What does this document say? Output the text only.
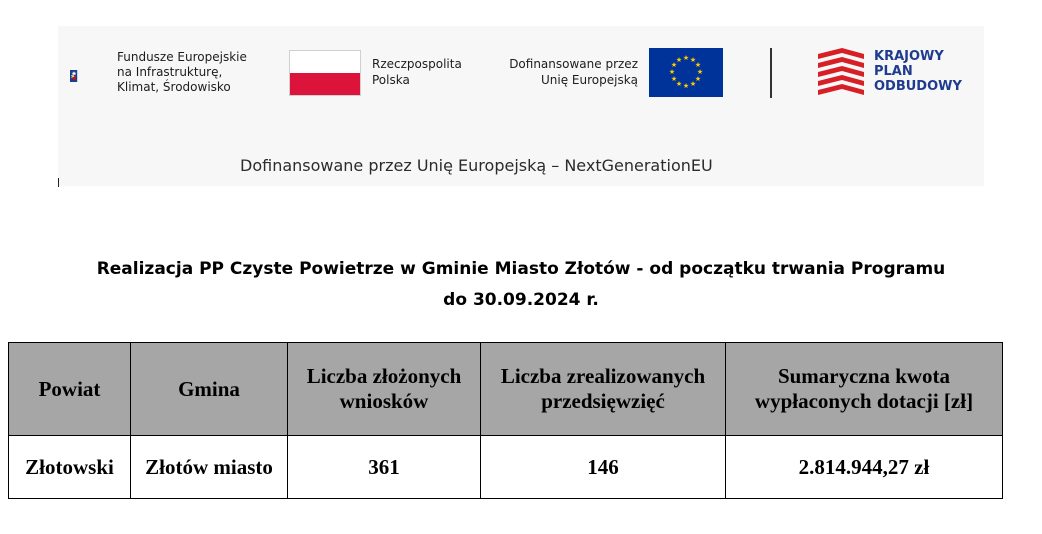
Fundusze Europejskie
na Infrastrukturę,
Klimat, Środowisko
Rzeczpospolita
Polska
Dofinansowane przez
Unię Europejską
★ ★
★
★
★
★
★
★
★
★
★
★	KRAJOWY
PLAN
ODBUDOWY
Dofinansowane przez Unię Europejską – NextGenerationEU
Realizacja PP Czyste Powietrze w Gminie Miasto Złotów - od początku trwania Programu
do 30.09.2024 r.
Powiat	Gmina	Liczba złożonych wniosków	Liczba zrealizowanych przedsięwzięć	Sumaryczna kwota wypłaconych dotacji [zł]
Złotowski	Złotów miasto	361	146	2.814.944,27 zł
